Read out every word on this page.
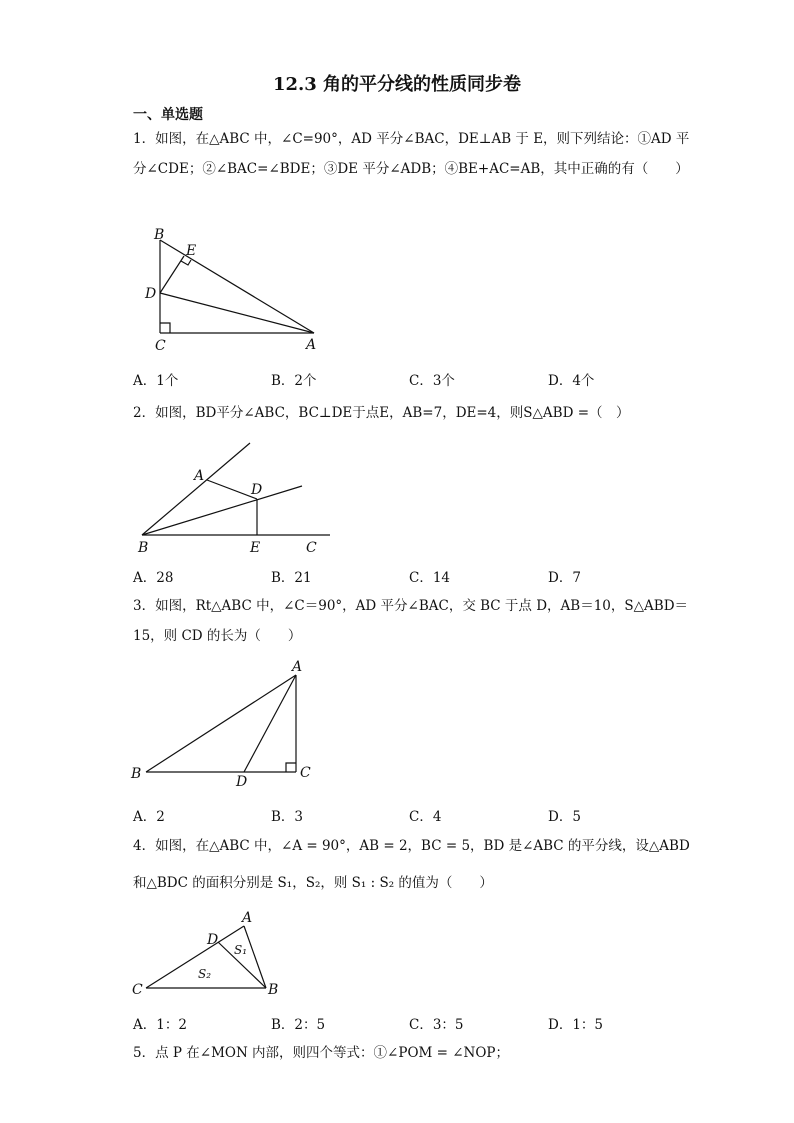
12.3 角的平分线的性质同步卷
一、单选题
1．如图，在△ABC 中，∠C=90°，AD 平分∠BAC，DE⊥AB 于 E，则下列结论：①AD 平
分∠CDE；②∠BAC=∠BDE；③DE 平分∠ADB；④BE+AC=AB，其中正确的有（　　）
B
E
D
C	A
A．1个	B．2个	C．3个	D．4个
2．如图，BD平分∠ABC，BC⊥DE于点E，AB=7，DE=4，则S△ABD =（　）
A
D
B	E	C
A．28	B．21	C．14	D．7
3．如图，Rt△ABC 中，∠C＝90°，AD 平分∠BAC，交 BC 于点 D，AB＝10，S△ABD＝
15，则 CD 的长为（　　）
A
B	D
C
A．2	B．3	C．4	D．5
4．如图，在△ABC 中，∠A = 90°，AB = 2，BC = 5，BD 是∠ABC 的平分线，设△ABD
和△BDC 的面积分别是 S₁，S₂，则 S₁ : S₂ 的值为（　　）
A
D
C	B
S₁
S₂
A．1：2	B．2：5	C．3：5	D．1：5
5．点 P 在∠MON 内部，则四个等式：①∠POM = ∠NOP；
